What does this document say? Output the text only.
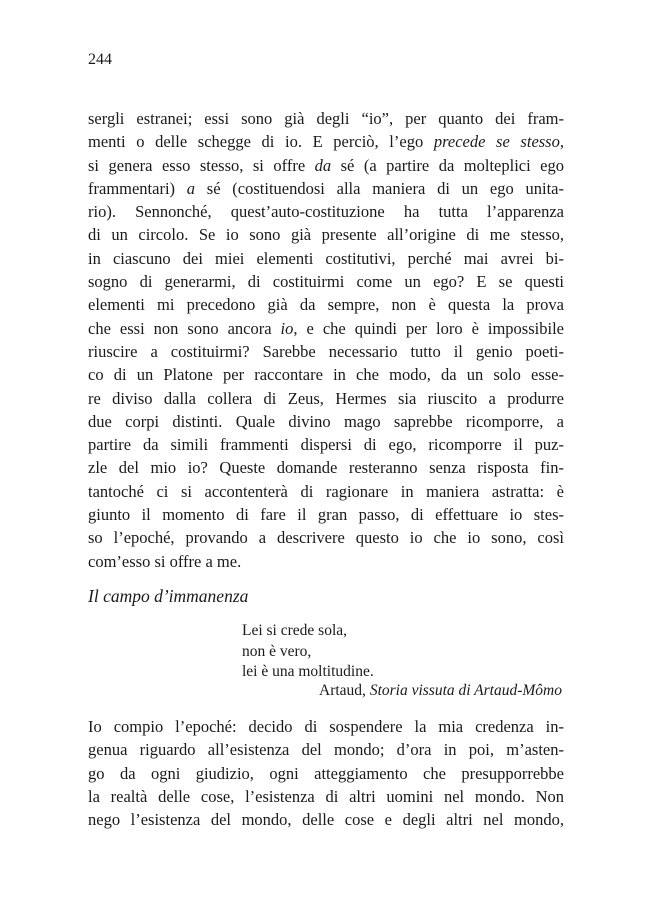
244
sergli estranei; essi sono già degli “io”, per quanto dei fram-
menti o delle schegge di io. E perciò, l’ego precede se stesso,
si genera esso stesso, si offre da sé (a partire da molteplici ego
frammentari) a sé (costituendosi alla maniera di un ego unita-
rio). Sennonché, quest’auto-costituzione ha tutta l’apparenza
di un circolo. Se io sono già presente all’origine di me stesso,
in ciascuno dei miei elementi costitutivi, perché mai avrei bi-
sogno di generarmi, di costituirmi come un ego? E se questi
elementi mi precedono già da sempre, non è questa la prova
che essi non sono ancora io, e che quindi per loro è impossibile
riuscire a costituirmi? Sarebbe necessario tutto il genio poeti-
co di un Platone per raccontare in che modo, da un solo esse-
re diviso dalla collera di Zeus, Hermes sia riuscito a produrre
due corpi distinti. Quale divino mago saprebbe ricomporre, a
partire da simili frammenti dispersi di ego, ricomporre il puz-
zle del mio io? Queste domande resteranno senza risposta fin-
tantoché ci si accontenterà di ragionare in maniera astratta: è
giunto il momento di fare il gran passo, di effettuare io stes-
so l’epoché, provando a descrivere questo io che io sono, così
com’esso si offre a me.
Il campo d’immanenza
Lei si crede sola,
non è vero,
lei è una moltitudine.
Artaud, Storia vissuta di Artaud-Mômo
Io compio l’epoché: decido di sospendere la mia credenza in-
genua riguardo all’esistenza del mondo; d’ora in poi, m’asten-
go da ogni giudizio, ogni atteggiamento che presupporrebbe
la realtà delle cose, l’esistenza di altri uomini nel mondo. Non
nego l’esistenza del mondo, delle cose e degli altri nel mondo,
